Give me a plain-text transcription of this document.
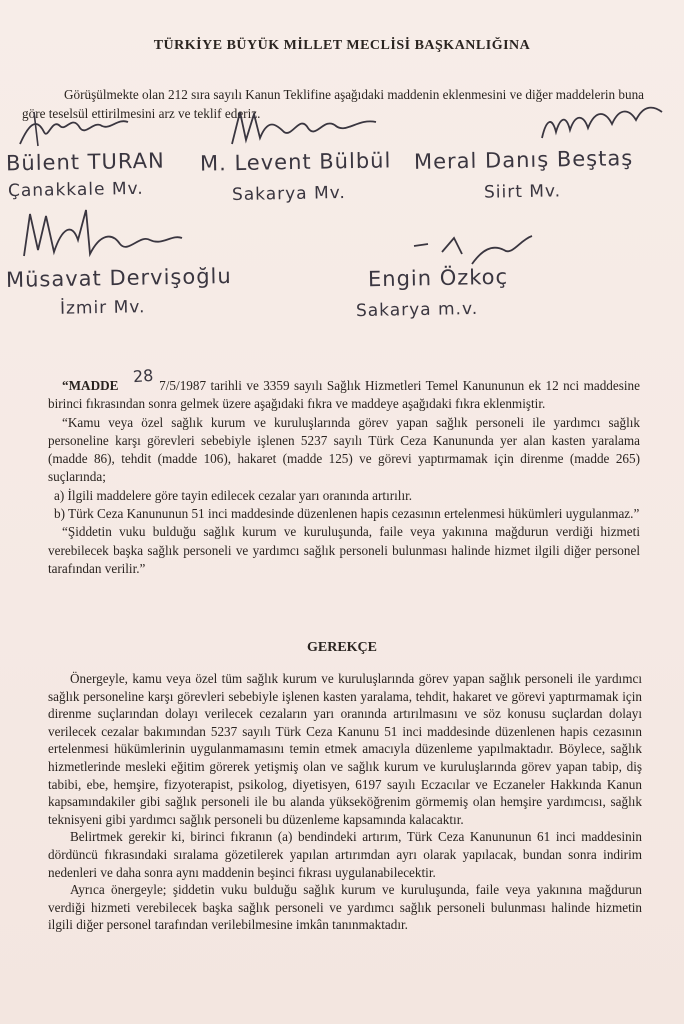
TÜRKİYE BÜYÜK MİLLET MECLİSİ BAŞKANLIĞINA

Görüşülmekte olan 212 sıra sayılı Kanun Teklifine aşağıdaki maddenin eklenmesini ve diğer maddelerin buna göre teselsül ettirilmesini arz ve teklif ederiz.

Bülent TURAN
Çanakkale Mv.
M. Levent Bülbül
Sakarya Mv.
Meral Danış Beştaş
Siirt Mv.
Müsavat Dervişoğlu
İzmir Mv.
Engin Özkoç
Sakarya m.v.

“MADDE 28 7/5/1987 tarihli ve 3359 sayılı Sağlık Hizmetleri Temel Kanununun ek 12 nci maddesine birinci fıkrasından sonra gelmek üzere aşağıdaki fıkra ve maddeye aşağıdaki fıkra eklenmiştir.

“Kamu veya özel sağlık kurum ve kuruluşlarında görev yapan sağlık personeli ile yardımcı sağlık personeline karşı görevleri sebebiyle işlenen 5237 sayılı Türk Ceza Kanununda yer alan kasten yaralama (madde 86), tehdit (madde 106), hakaret (madde 125) ve görevi yaptırmamak için direnme (madde 265) suçlarında;

a) İlgili maddelere göre tayin edilecek cezalar yarı oranında artırılır.

b) Türk Ceza Kanununun 51 inci maddesinde düzenlenen hapis cezasının ertelenmesi hükümleri uygulanmaz.”

“Şiddetin vuku bulduğu sağlık kurum ve kuruluşunda, faile veya yakınına mağdurun verdiği hizmeti verebilecek başka sağlık personeli ve yardımcı sağlık personeli bulunması halinde hizmet ilgili diğer personel tarafından verilir.”

GEREKÇE

Önergeyle, kamu veya özel tüm sağlık kurum ve kuruluşlarında görev yapan sağlık personeli ile yardımcı sağlık personeline karşı görevleri sebebiyle işlenen kasten yaralama, tehdit, hakaret ve görevi yaptırmamak için direnme suçlarından dolayı verilecek cezaların yarı oranında artırılmasını ve söz konusu suçlardan dolayı verilecek cezalar bakımından 5237 sayılı Türk Ceza Kanunu 51 inci maddesinde düzenlenen hapis cezasının ertelenmesi hükümlerinin uygulanmamasını temin etmek amacıyla düzenleme yapılmaktadır. Böylece, sağlık hizmetlerinde mesleki eğitim görerek yetişmiş olan ve sağlık kurum ve kuruluşlarında görev yapan tabip, diş tabibi, ebe, hemşire, fizyoterapist, psikolog, diyetisyen, 6197 sayılı Eczacılar ve Eczaneler Hakkında Kanun kapsamındakiler gibi sağlık personeli ile bu alanda yükseköğrenim görmemiş olan hemşire yardımcısı, sağlık teknisyeni gibi yardımcı sağlık personeli bu düzenleme kapsamında kalacaktır.

Belirtmek gerekir ki, birinci fıkranın (a) bendindeki artırım, Türk Ceza Kanununun 61 inci maddesinin dördüncü fıkrasındaki sıralama gözetilerek yapılan artırımdan ayrı olarak yapılacak, bundan sonra indirim nedenleri ve daha sonra aynı maddenin beşinci fıkrası uygulanabilecektir.

Ayrıca önergeyle; şiddetin vuku bulduğu sağlık kurum ve kuruluşunda, faile veya yakınına mağdurun verdiği hizmeti verebilecek başka sağlık personeli ve yardımcı sağlık personeli bulunması halinde hizmetin ilgili diğer personel tarafından verilebilmesine imkân tanınmaktadır.
